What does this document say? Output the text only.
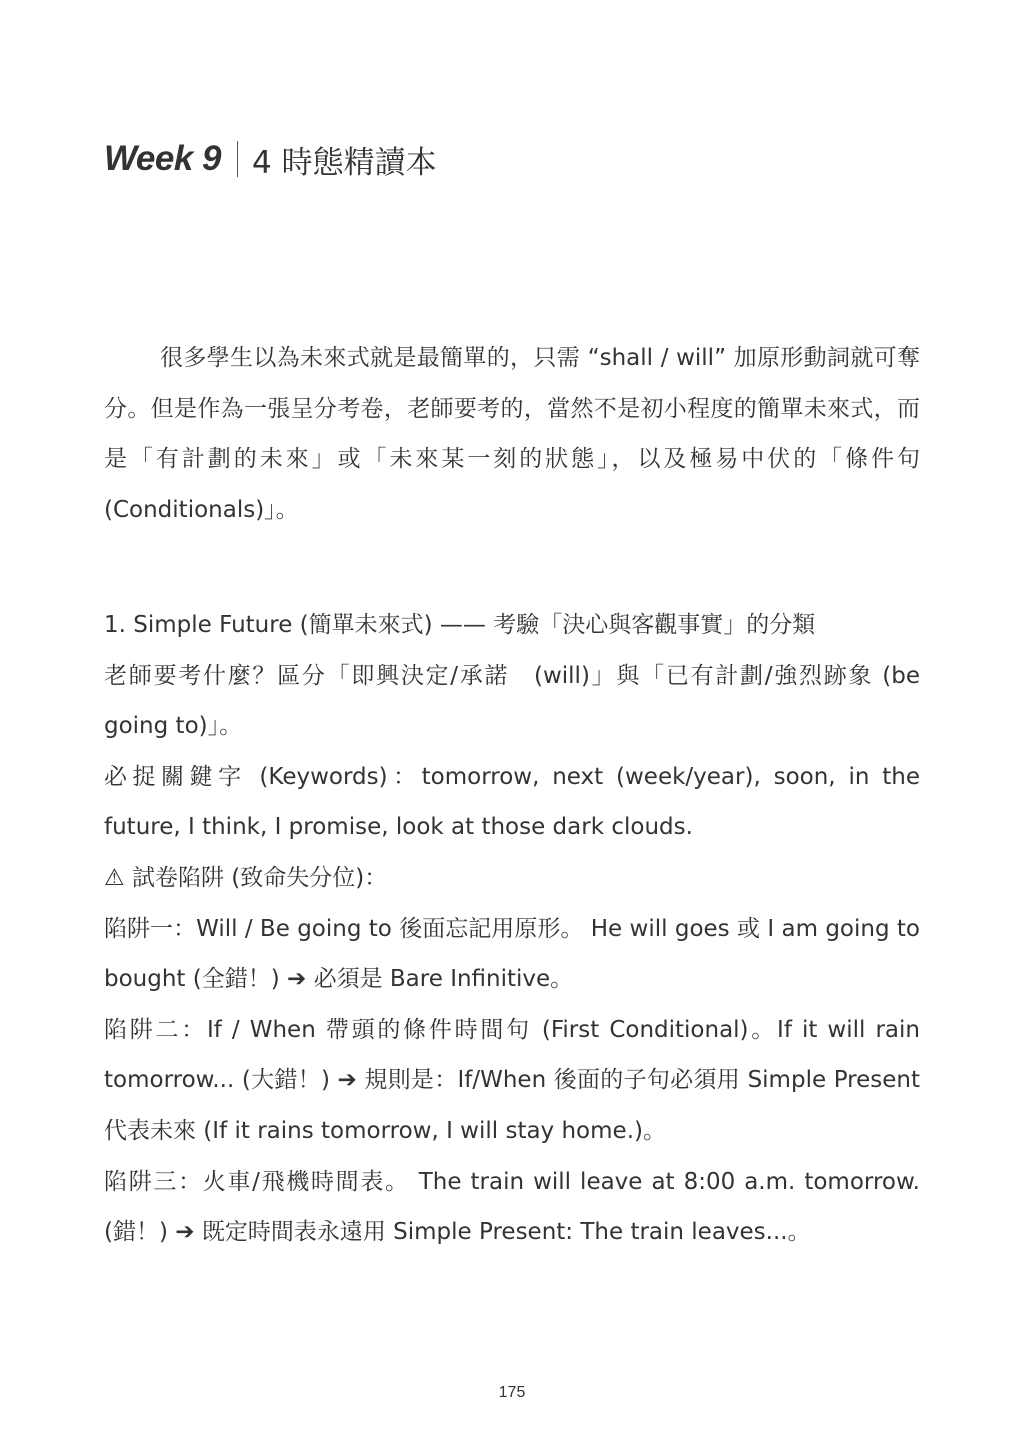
Week 9 4 時態精讀本

很多學生以為未來式就是最簡單的，只需 “shall / will” 加原形動詞就可奪分。但是作為一張呈分考卷，老師要考的，當然不是初小程度的簡單未來式，而是「有計劃的未來」或「未來某一刻的狀態」，以及極易中伏的「條件句 (Conditionals)」。

1. Simple Future (簡單未來式) —— 考驗「決心與客觀事實」的分類

老師要考什麼？區分「即興決定/承諾　(will)」與「已有計劃/強烈跡象 (be going to)」。

必捉關鍵字 (Keywords)：tomorrow, next (week/year), soon, in the future, I think, I promise, look at those dark clouds.

⚠ 試卷陷阱 (致命失分位)：

陷阱一：Will / Be going to 後面忘記用原形。 He will goes 或 I am going to bought (全錯！) ➔ 必須是 Bare Infinitive。

陷阱二：If / When 帶頭的條件時間句 (First Conditional)。If it will rain tomorrow... (大錯！) ➔ 規則是：If/When 後面的子句必須用 Simple Present 代表未來 (If it rains tomorrow, I will stay home.)。

陷阱三：火車/飛機時間表。 The train will leave at 8:00 a.m. tomorrow. (錯！) ➔ 既定時間表永遠用 Simple Present: The train leaves...。

175
